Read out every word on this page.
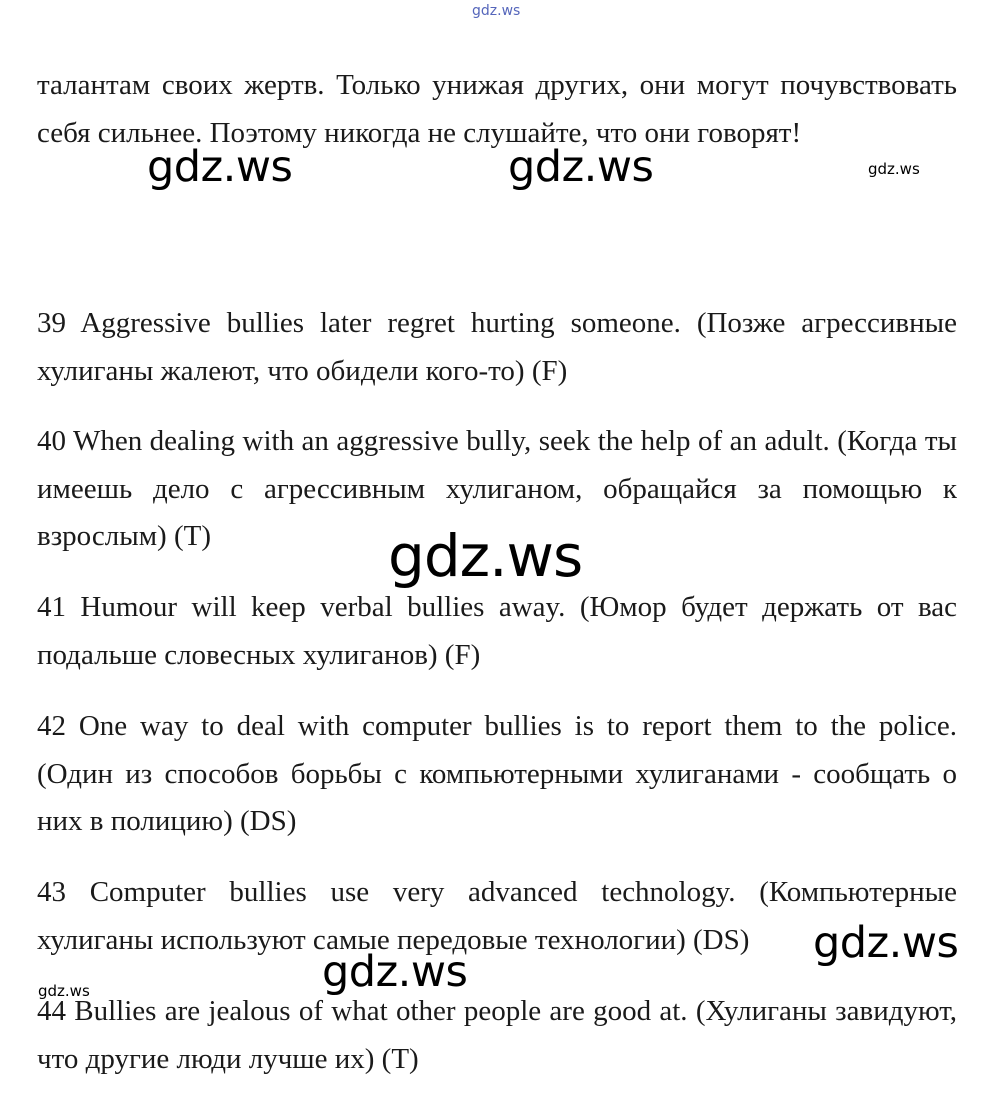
gdz.ws

талантам своих жертв. Только унижая других, они могут почувствовать себя сильнее. Поэтому никогда не слушайте, что они говорят!

39 Aggressive bullies later regret hurting someone. (Позже агрессивные хулиганы жалеют, что обидели кого-то) (F)

40 When dealing with an aggressive bully, seek the help of an adult. (Когда ты имеешь дело с агрессивным хулиганом, обращайся за помощью к взрослым) (T)

41 Humour will keep verbal bullies away. (Юмор будет держать от вас подальше словесных хулиганов) (F)

42 One way to deal with computer bullies is to report them to the police. (Один из способов борьбы с компьютерными хулиганами - сообщать о них в полицию) (DS)

43 Computer bullies use very advanced technology. (Компьютерные хулиганы используют самые передовые технологии) (DS)

44 Bullies are jealous of what other people are good at. (Хулиганы завидуют, что другие люди лучше их) (T)

gdz.ws	gdz.ws	gdz.ws
gdz.ws
gdz.ws
gdz.ws
gdz.ws
